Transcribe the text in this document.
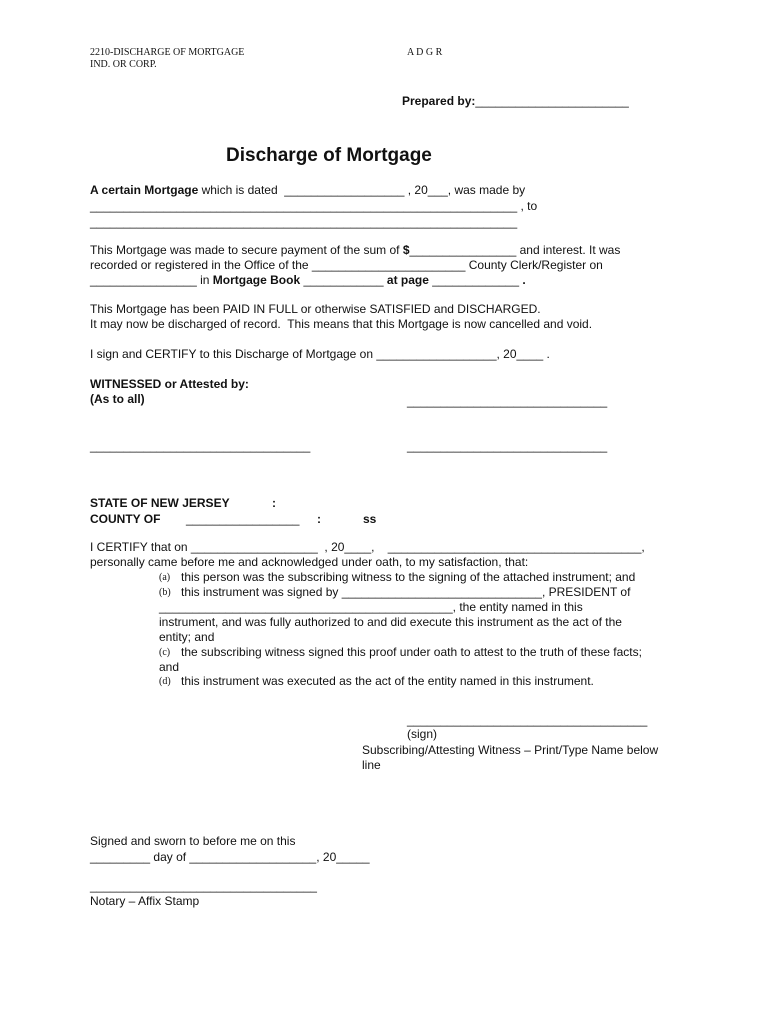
2210-DISCHARGE OF MORTGAGE
IND. OR CORP.
A D G R
Prepared by:_______________________
Discharge of Mortgage
A certain Mortgage which is dated  __________________ , 20___, was made by
________________________________________________________________ , to
________________________________________________________________
This Mortgage was made to secure payment of the sum of $________________ and interest. It was
recorded or registered in the Office of the _______________________ County Clerk/Register on
________________ in Mortgage Book ____________ at page _____________ .
This Mortgage has been PAID IN FULL or otherwise SATISFIED and DISCHARGED.
It may now be discharged of record.  This means that this Mortgage is now cancelled and void.
I sign and CERTIFY to this Discharge of Mortgage on __________________, 20____ .
WITNESSED or Attested by:
(As to all)	______________________________
_________________________________	______________________________
STATE OF NEW JERSEY	:
COUNTY OF _________________ :	ss
I CERTIFY that on ___________________  , 20____,    ______________________________________,
personally came before me and acknowledged under oath, to my satisfaction, that:
(a) this person was the subscribing witness to the signing of the attached instrument; and
(b) this instrument was signed by ______________________________, PRESIDENT of
____________________________________________, the entity named in this
instrument, and was fully authorized to and did execute this instrument as the act of the
entity; and
(c) the subscribing witness signed this proof under oath to attest to the truth of these facts;
and
(d) this instrument was executed as the act of the entity named in this instrument.
____________________________________
(sign)
Subscribing/Attesting Witness – Print/Type Name below
line
Signed and sworn to before me on this
_________ day of ___________________, 20_____
__________________________________
Notary – Affix Stamp
